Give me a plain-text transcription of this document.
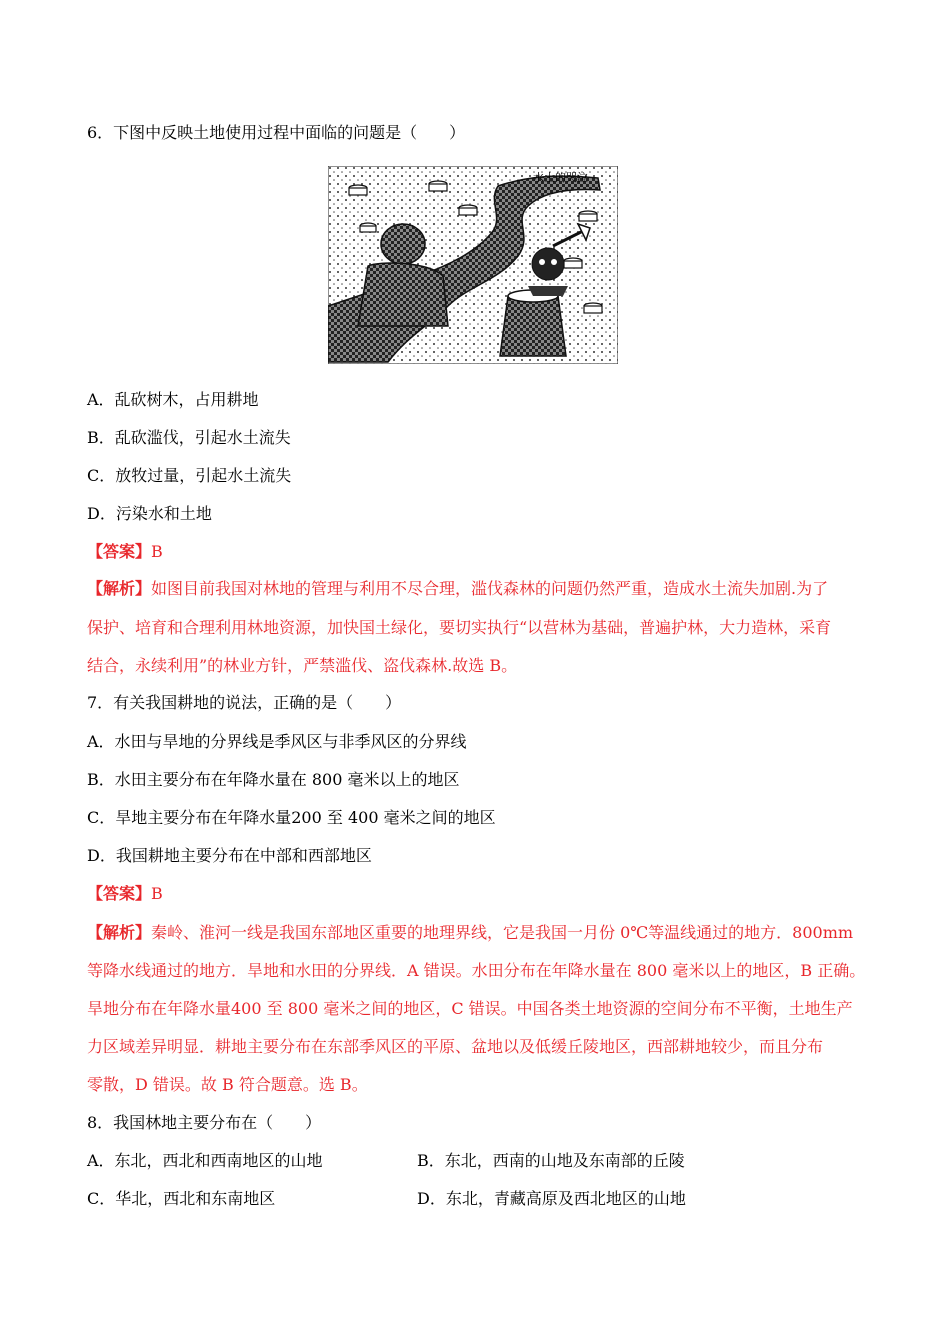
6．下图中反映土地使用过程中面临的问题是（　　）
水土的哭泣
A．乱砍树木，占用耕地
B．乱砍滥伐，引起水土流失
C．放牧过量，引起水土流失
D．污染水和土地
【答案】B
【解析】如图目前我国对林地的管理与利用不尽合理，滥伐森林的问题仍然严重，造成水土流失加剧.为了
保护、培育和合理利用林地资源，加快国土绿化，要切实执行“以营林为基础，普遍护林，大力造林，采育
结合，永续利用”的林业方针，严禁滥伐、盗伐森林.故选 B。
7．有关我国耕地的说法，正确的是（　　）
A．水田与旱地的分界线是季风区与非季风区的分界线
B．水田主要分布在年降水量在 800 毫米以上的地区
C．旱地主要分布在年降水量200 至 400 毫米之间的地区
D．我国耕地主要分布在中部和西部地区
【答案】B
【解析】秦岭、淮河一线是我国东部地区重要的地理界线，它是我国一月份 0℃等温线通过的地方．800mm
等降水线通过的地方．旱地和水田的分界线．A 错误。水田分布在年降水量在 800 毫米以上的地区，B 正确。
旱地分布在年降水量400 至 800 毫米之间的地区，C 错误。中国各类土地资源的空间分布不平衡，土地生产
力区域差异明显．耕地主要分布在东部季风区的平原、盆地以及低缓丘陵地区，西部耕地较少，而且分布
零散，D 错误。故 B 符合题意。选 B。
8．我国林地主要分布在（　　）
A．东北，西北和西南地区的山地	B．东北，西南的山地及东南部的丘陵
C．华北，西北和东南地区	D．东北，青藏高原及西北地区的山地
